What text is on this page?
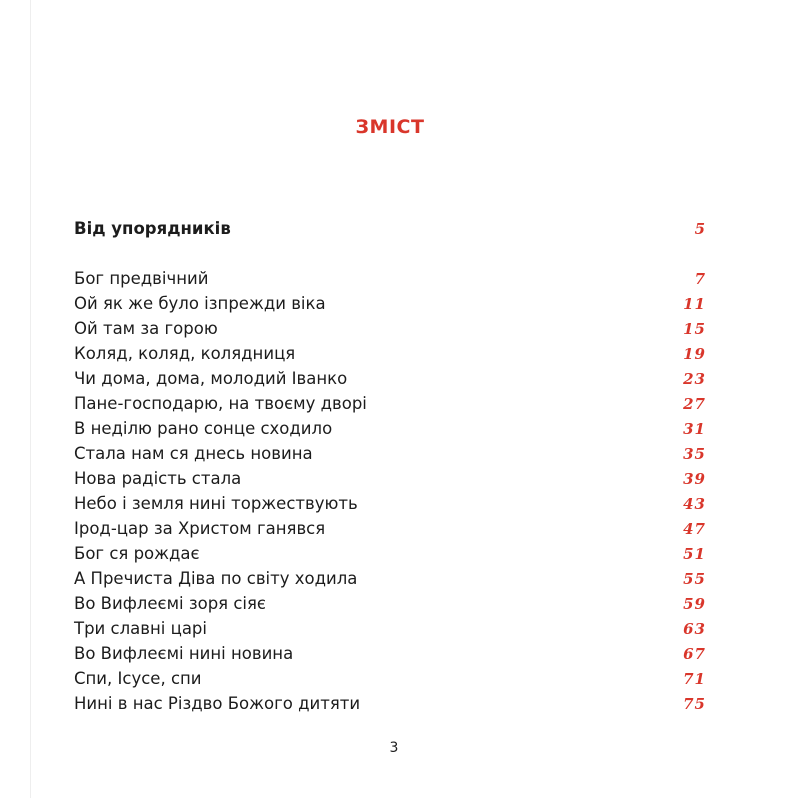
ЗМІСТ
Від упорядників	5
Бог предвічний	7
Ой як же було ізпрежди віка	11
Ой там за горою	15
Коляд, коляд, колядниця	19
Чи дома, дома, молодий Іванко	23
Пане-господарю, на твоєму дворі	27
В неділю рано сонце сходило	31
Стала нам ся днесь новина	35
Нова радість стала	39
Небо і земля нині торжествують	43
Ірод-цар за Христом ганявся	47
Бог ся рождає	51
А Пречиста Діва по світу ходила	55
Во Вифлеємі зоря сіяє	59
Три славні царі	63
Во Вифлеємі нині новина	67
Спи, Ісусе, спи	71
Нині в нас Різдво Божого дитяти	75
3
